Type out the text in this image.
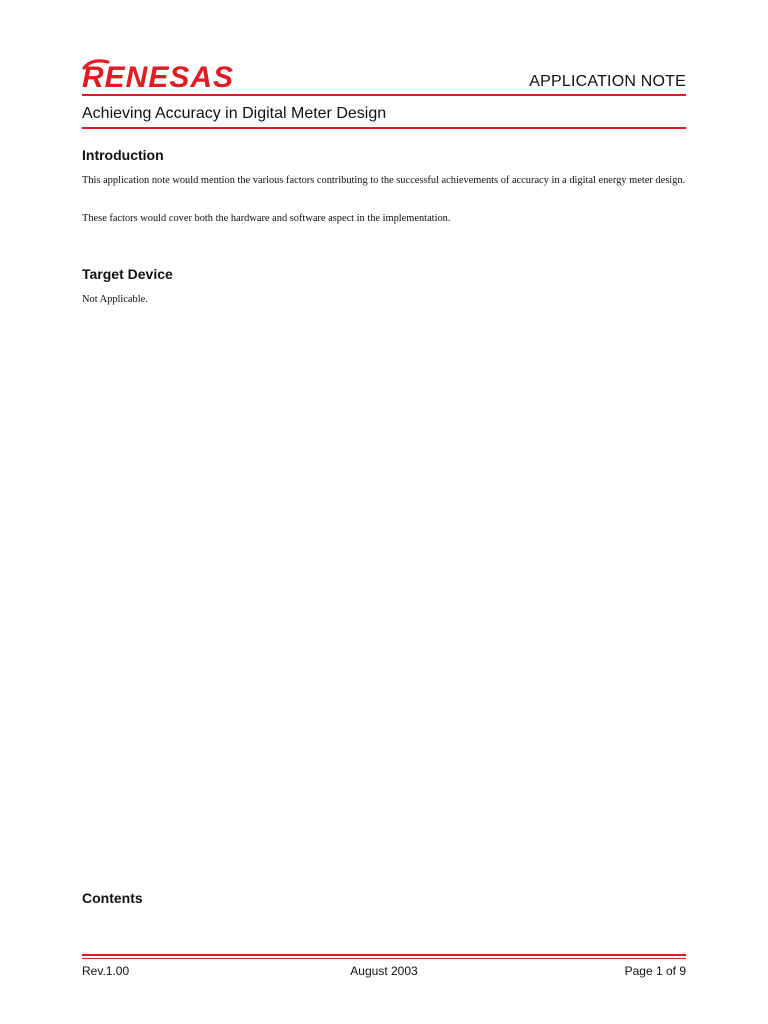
RENESAS	APPLICATION NOTE
Achieving Accuracy in Digital Meter Design
Introduction

This application note would mention the various factors contributing to the successful achievements of accuracy in a digital energy meter design.

These factors would cover both the hardware and software aspect in the implementation.

Target Device

Not Applicable.

Contents
Rev.1.00	August 2003	Page 1 of 9
